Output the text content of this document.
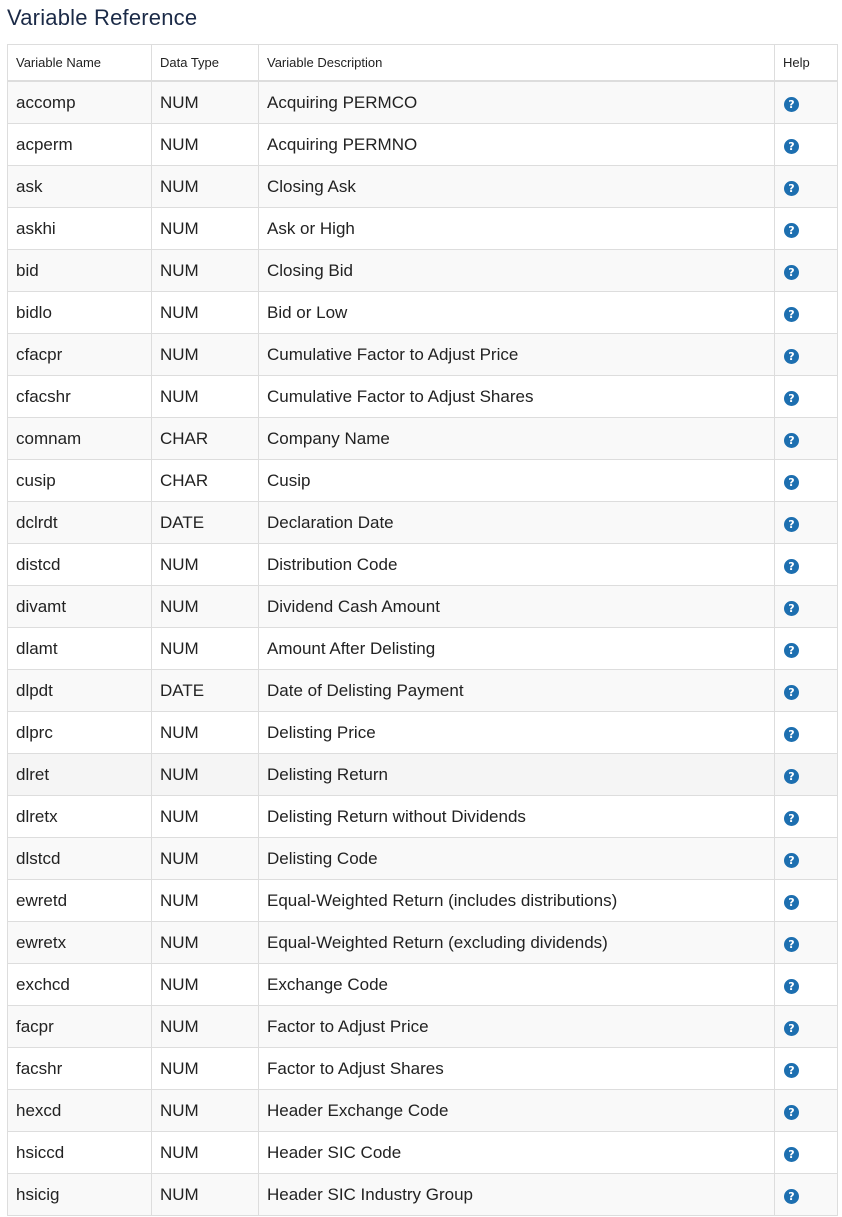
Variable Reference
Variable Name	Data Type	Variable Description	Help
accomp	NUM	Acquiring PERMCO	?
acperm	NUM	Acquiring PERMNO	?
ask	NUM	Closing Ask	?
askhi	NUM	Ask or High	?
bid	NUM	Closing Bid	?
bidlo	NUM	Bid or Low	?
cfacpr	NUM	Cumulative Factor to Adjust Price	?
cfacshr	NUM	Cumulative Factor to Adjust Shares	?
comnam	CHAR	Company Name	?
cusip	CHAR	Cusip	?
dclrdt	DATE	Declaration Date	?
distcd	NUM	Distribution Code	?
divamt	NUM	Dividend Cash Amount	?
dlamt	NUM	Amount After Delisting	?
dlpdt	DATE	Date of Delisting Payment	?
dlprc	NUM	Delisting Price	?
dlret	NUM	Delisting Return	?
dlretx	NUM	Delisting Return without Dividends	?
dlstcd	NUM	Delisting Code	?
ewretd	NUM	Equal-Weighted Return (includes distributions)	?
ewretx	NUM	Equal-Weighted Return (excluding dividends)	?
exchcd	NUM	Exchange Code	?
facpr	NUM	Factor to Adjust Price	?
facshr	NUM	Factor to Adjust Shares	?
hexcd	NUM	Header Exchange Code	?
hsiccd	NUM	Header SIC Code	?
hsicig	NUM	Header SIC Industry Group	?
